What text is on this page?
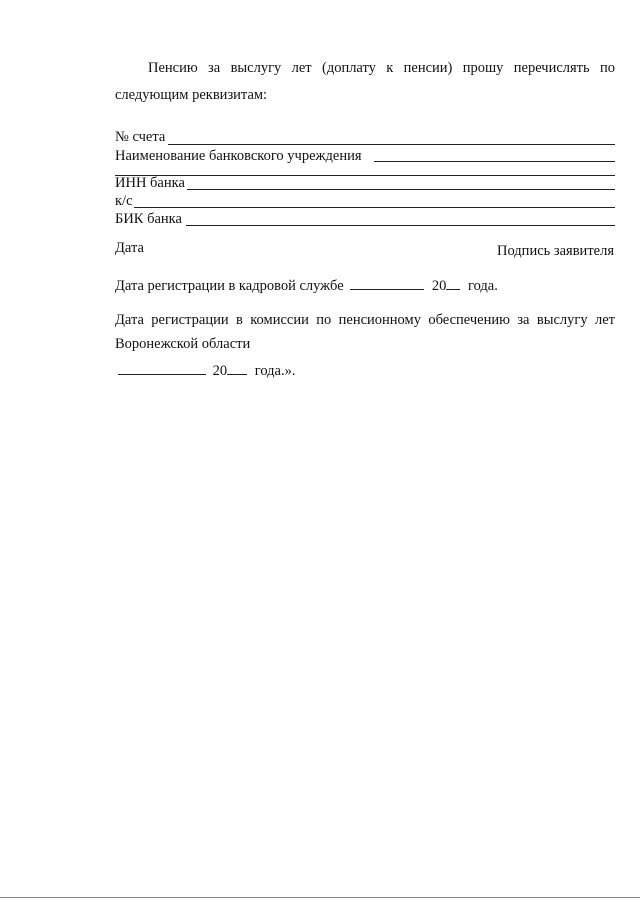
Пенсию за выслугу лет (доплату к пенсии) прошу перечислять по
следующим реквизитам:
№ счета
Наименование банковского учреждения
ИНН банка
к/с
БИК банка
Дата	Подпись заявителя
Дата регистрации в кадровой службе	20 года.
Дата регистрации в комиссии по пенсионному обеспечению за выслугу лет
Воронежской области
20 года.».
